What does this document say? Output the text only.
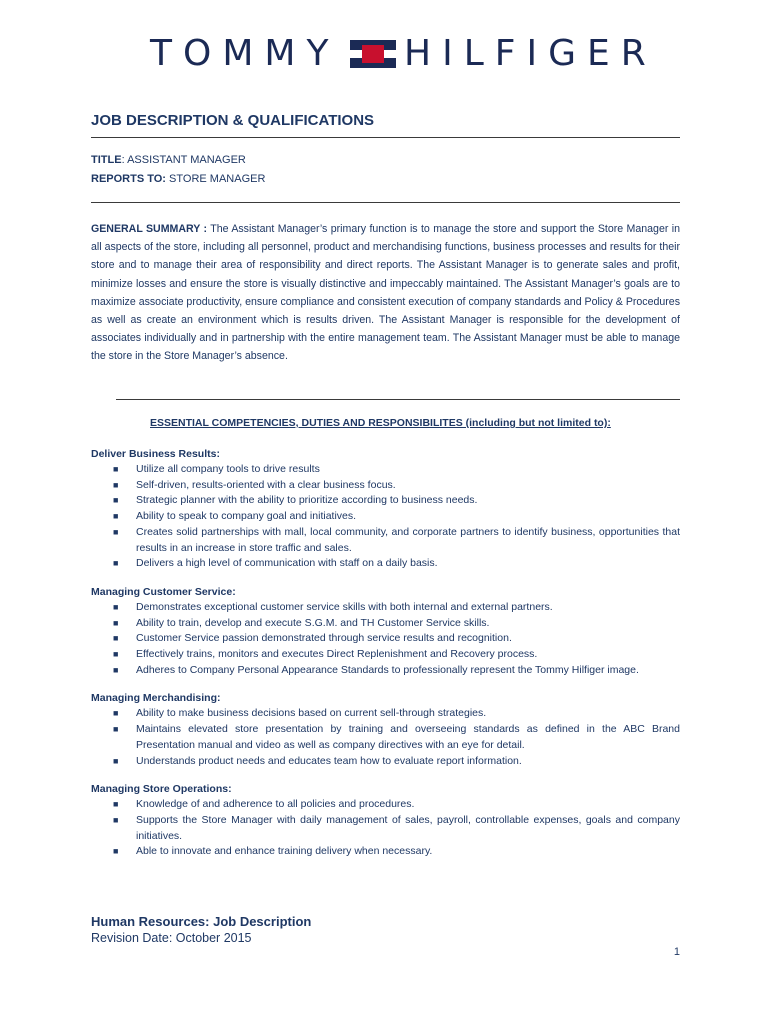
TOMMY HILFIGER
JOB DESCRIPTION & QUALIFICATIONS
TITLE: ASSISTANT MANAGER
REPORTS TO: STORE MANAGER

GENERAL SUMMARY : The Assistant Manager’s primary function is to manage the store and support the Store Manager in all aspects of the store, including all personnel, product and merchandising functions, business processes and results for their store and to manage their area of responsibility and direct reports. The Assistant Manager is to generate sales and profit, minimize losses and ensure the store is visually distinctive and impeccably maintained. The Assistant Manager’s goals are to maximize associate productivity, ensure compliance and consistent execution of company standards and Policy & Procedures as well as create an environment which is results driven. The Assistant Manager is responsible for the development of associates individually and in partnership with the entire management team. The Assistant Manager must be able to manage the store in the Store Manager’s absence.

ESSENTIAL COMPETENCIES, DUTIES AND RESPONSIBILITES (including but not limited to):
Deliver Business Results:
■ Utilize all company tools to drive results
■ Self-driven, results-oriented with a clear business focus.
■ Strategic planner with the ability to prioritize according to business needs.
■ Ability to speak to company goal and initiatives.
■ Creates solid partnerships with mall, local community, and corporate partners to identify business, opportunities that results in an increase in store traffic and sales.
■ Delivers a high level of communication with staff on a daily basis.
Managing Customer Service:
■ Demonstrates exceptional customer service skills with both internal and external partners.
■ Ability to train, develop and execute S.G.M. and TH Customer Service skills.
■ Customer Service passion demonstrated through service results and recognition.
■ Effectively trains, monitors and executes Direct Replenishment and Recovery process.
■ Adheres to Company Personal Appearance Standards to professionally represent the Tommy Hilfiger image.
Managing Merchandising:
■ Ability to make business decisions based on current sell-through strategies.
■ Maintains elevated store presentation by training and overseeing standards as defined in the ABC Brand Presentation manual and video as well as company directives with an eye for detail.
■ Understands product needs and educates team how to evaluate report information.
Managing Store Operations:
■ Knowledge of and adherence to all policies and procedures.
■ Supports the Store Manager with daily management of sales, payroll, controllable expenses, goals and company initiatives.
■ Able to innovate and enhance training delivery when necessary.
Human Resources: Job Description
Revision Date: October 2015
1
